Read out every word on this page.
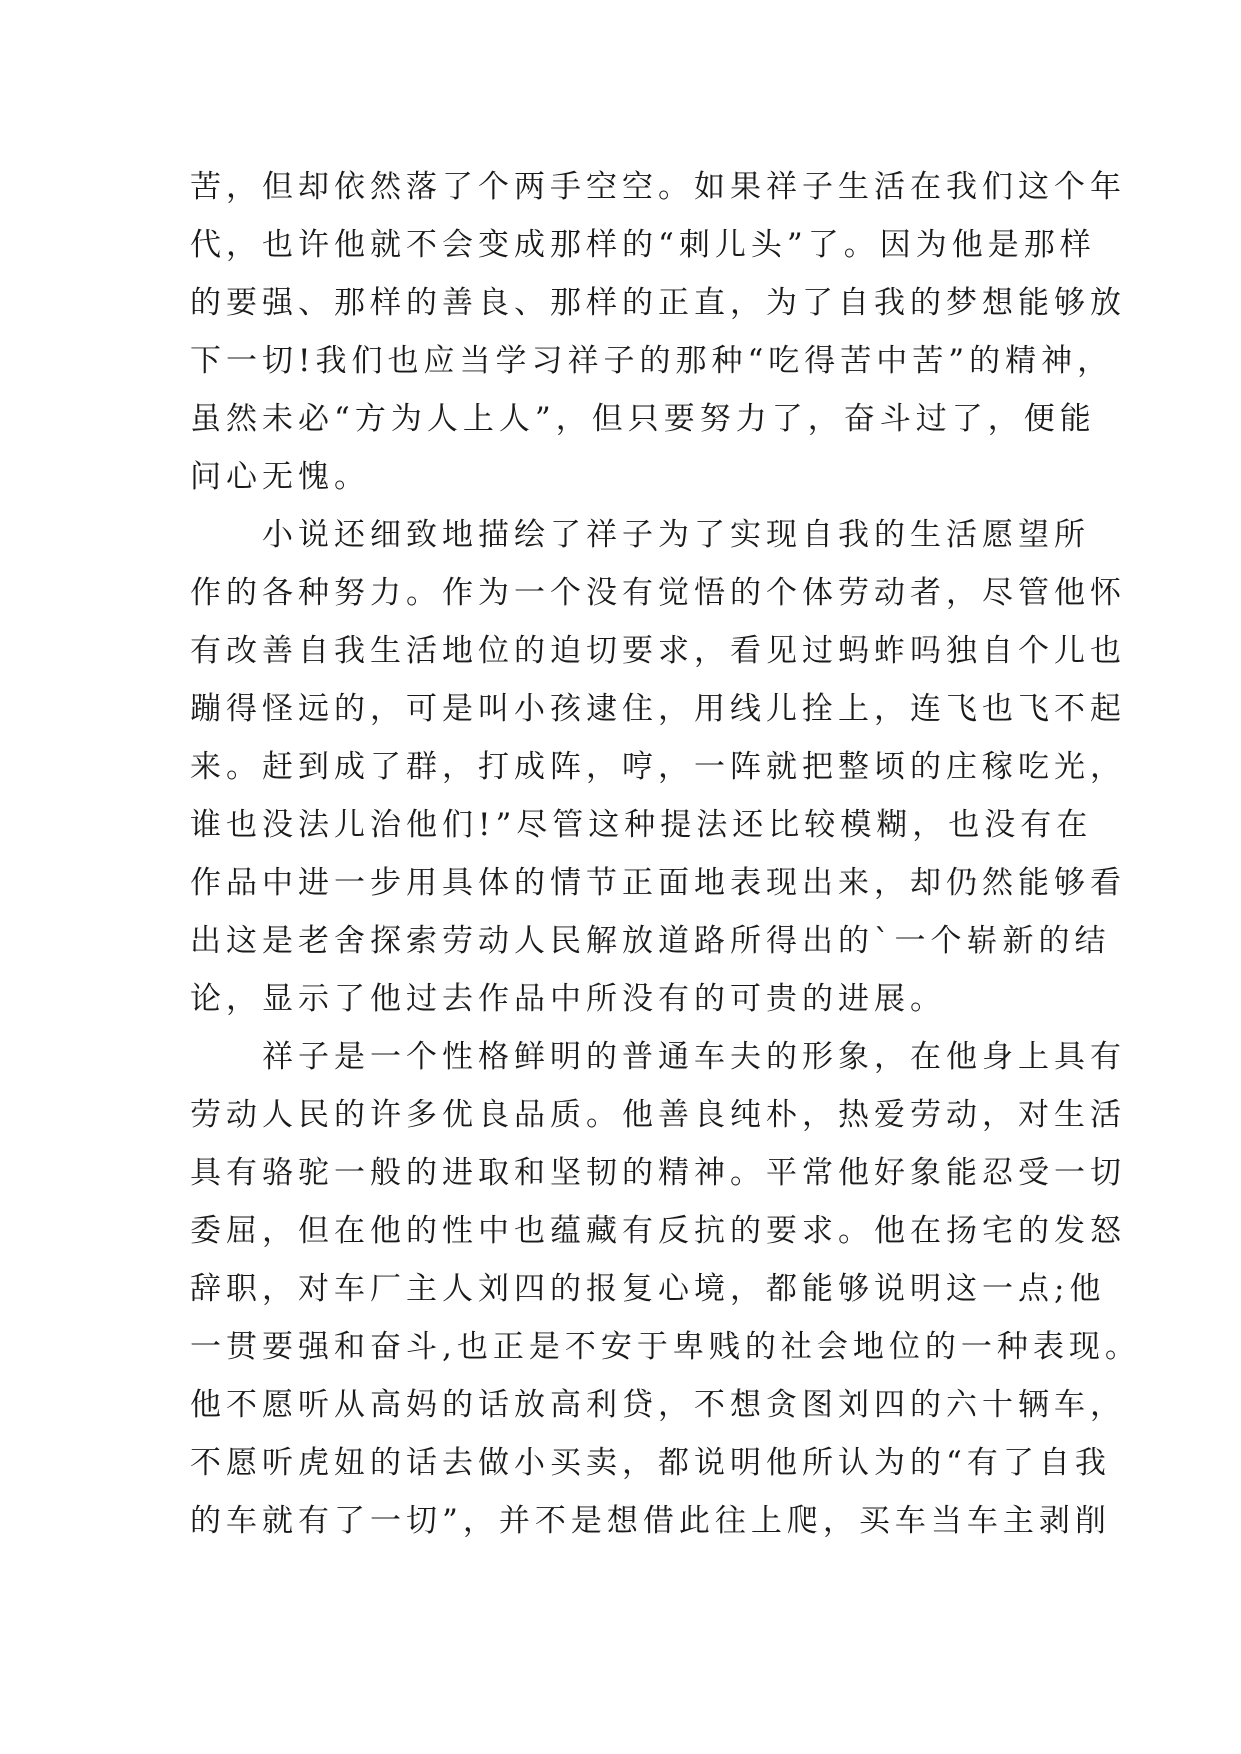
苦，但却依然落了个两手空空。如果祥子生活在我们这个年
代，也许他就不会变成那样的“刺儿头”了。因为他是那样
的要强、那样的善良、那样的正直，为了自我的梦想能够放
下一切!我们也应当学习祥子的那种“吃得苦中苦”的精神，
虽然未必“方为人上人”，但只要努力了，奋斗过了，便能
问心无愧。
　　小说还细致地描绘了祥子为了实现自我的生活愿望所
作的各种努力。作为一个没有觉悟的个体劳动者，尽管他怀
有改善自我生活地位的迫切要求，看见过蚂蚱吗独自个儿也
蹦得怪远的，可是叫小孩逮住，用线儿拴上，连飞也飞不起
来。赶到成了群，打成阵，哼，一阵就把整顷的庄稼吃光，
谁也没法儿治他们!”尽管这种提法还比较模糊，也没有在
作品中进一步用具体的情节正面地表现出来，却仍然能够看
出这是老舍探索劳动人民解放道路所得出的`一个崭新的结
论，显示了他过去作品中所没有的可贵的进展。
　　祥子是一个性格鲜明的普通车夫的形象，在他身上具有
劳动人民的许多优良品质。他善良纯朴，热爱劳动，对生活
具有骆驼一般的进取和坚韧的精神。平常他好象能忍受一切
委屈，但在他的性中也蕴藏有反抗的要求。他在扬宅的发怒
辞职，对车厂主人刘四的报复心境，都能够说明这一点;他
一贯要强和奋斗,也正是不安于卑贱的社会地位的一种表现。
他不愿听从高妈的话放高利贷，不想贪图刘四的六十辆车，
不愿听虎妞的话去做小买卖，都说明他所认为的“有了自我
的车就有了一切”，并不是想借此往上爬，买车当车主剥削
